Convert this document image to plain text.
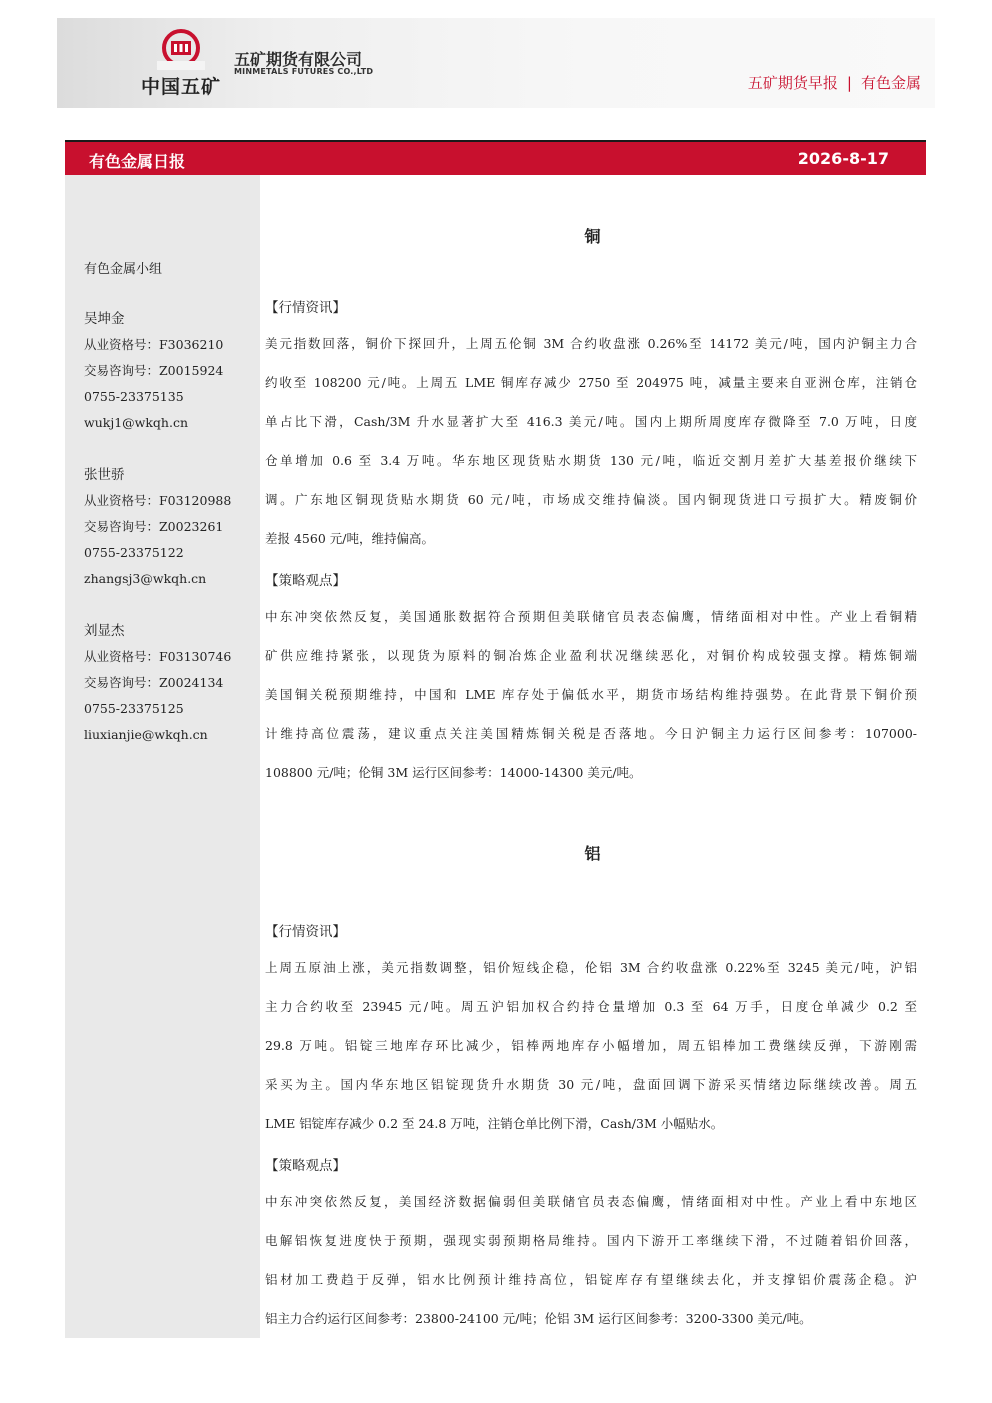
中国五矿
五矿期货有限公司
MINMETALS FUTURES CO.,LTD
五矿期货早报 | 有色金属
有色金属日报	2026-8-17
有色金属小组
吴坤金
从业资格号：F3036210
交易咨询号：Z0015924
0755-23375135
wukj1@wkqh.cn
张世骄
从业资格号：F03120988
交易咨询号：Z0023261
0755-23375122
zhangsj3@wkqh.cn
刘显杰
从业资格号：F03130746
交易咨询号：Z0024134
0755-23375125
liuxianjie@wkqh.cn
铜
【行情资讯】
美元指数回落，铜价下探回升，上周五伦铜 3M 合约收盘涨 0.26%至 14172 美元/吨，国内沪铜主力合
约收至 108200 元/吨。上周五 LME 铜库存减少 2750 至 204975 吨，减量主要来自亚洲仓库，注销仓
单占比下滑，Cash/3M 升水显著扩大至 416.3 美元/吨。国内上期所周度库存微降至 7.0 万吨，日度
仓单增加 0.6 至 3.4 万吨。华东地区现货贴水期货 130 元/吨，临近交割月差扩大基差报价继续下
调。广东地区铜现货贴水期货 60 元/吨，市场成交维持偏淡。国内铜现货进口亏损扩大。精废铜价
差报 4560 元/吨，维持偏高。
【策略观点】
中东冲突依然反复，美国通胀数据符合预期但美联储官员表态偏鹰，情绪面相对中性。产业上看铜精
矿供应维持紧张，以现货为原料的铜冶炼企业盈利状况继续恶化，对铜价构成较强支撑。精炼铜端
美国铜关税预期维持，中国和 LME 库存处于偏低水平，期货市场结构维持强势。在此背景下铜价预
计维持高位震荡，建议重点关注美国精炼铜关税是否落地。今日沪铜主力运行区间参考：107000-
108800 元/吨；伦铜 3M 运行区间参考：14000-14300 美元/吨。
铝
【行情资讯】
上周五原油上涨，美元指数调整，铝价短线企稳，伦铝 3M 合约收盘涨 0.22%至 3245 美元/吨，沪铝
主力合约收至 23945 元/吨。周五沪铝加权合约持仓量增加 0.3 至 64 万手，日度仓单减少 0.2 至
29.8 万吨。铝锭三地库存环比减少，铝棒两地库存小幅增加，周五铝棒加工费继续反弹，下游刚需
采买为主。国内华东地区铝锭现货升水期货 30 元/吨，盘面回调下游采买情绪边际继续改善。周五
LME 铝锭库存减少 0.2 至 24.8 万吨，注销仓单比例下滑，Cash/3M 小幅贴水。
【策略观点】
中东冲突依然反复，美国经济数据偏弱但美联储官员表态偏鹰，情绪面相对中性。产业上看中东地区
电解铝恢复进度快于预期，强现实弱预期格局维持。国内下游开工率继续下滑，不过随着铝价回落，
铝材加工费趋于反弹，铝水比例预计维持高位，铝锭库存有望继续去化，并支撑铝价震荡企稳。沪
铝主力合约运行区间参考：23800-24100 元/吨；伦铝 3M 运行区间参考：3200-3300 美元/吨。
